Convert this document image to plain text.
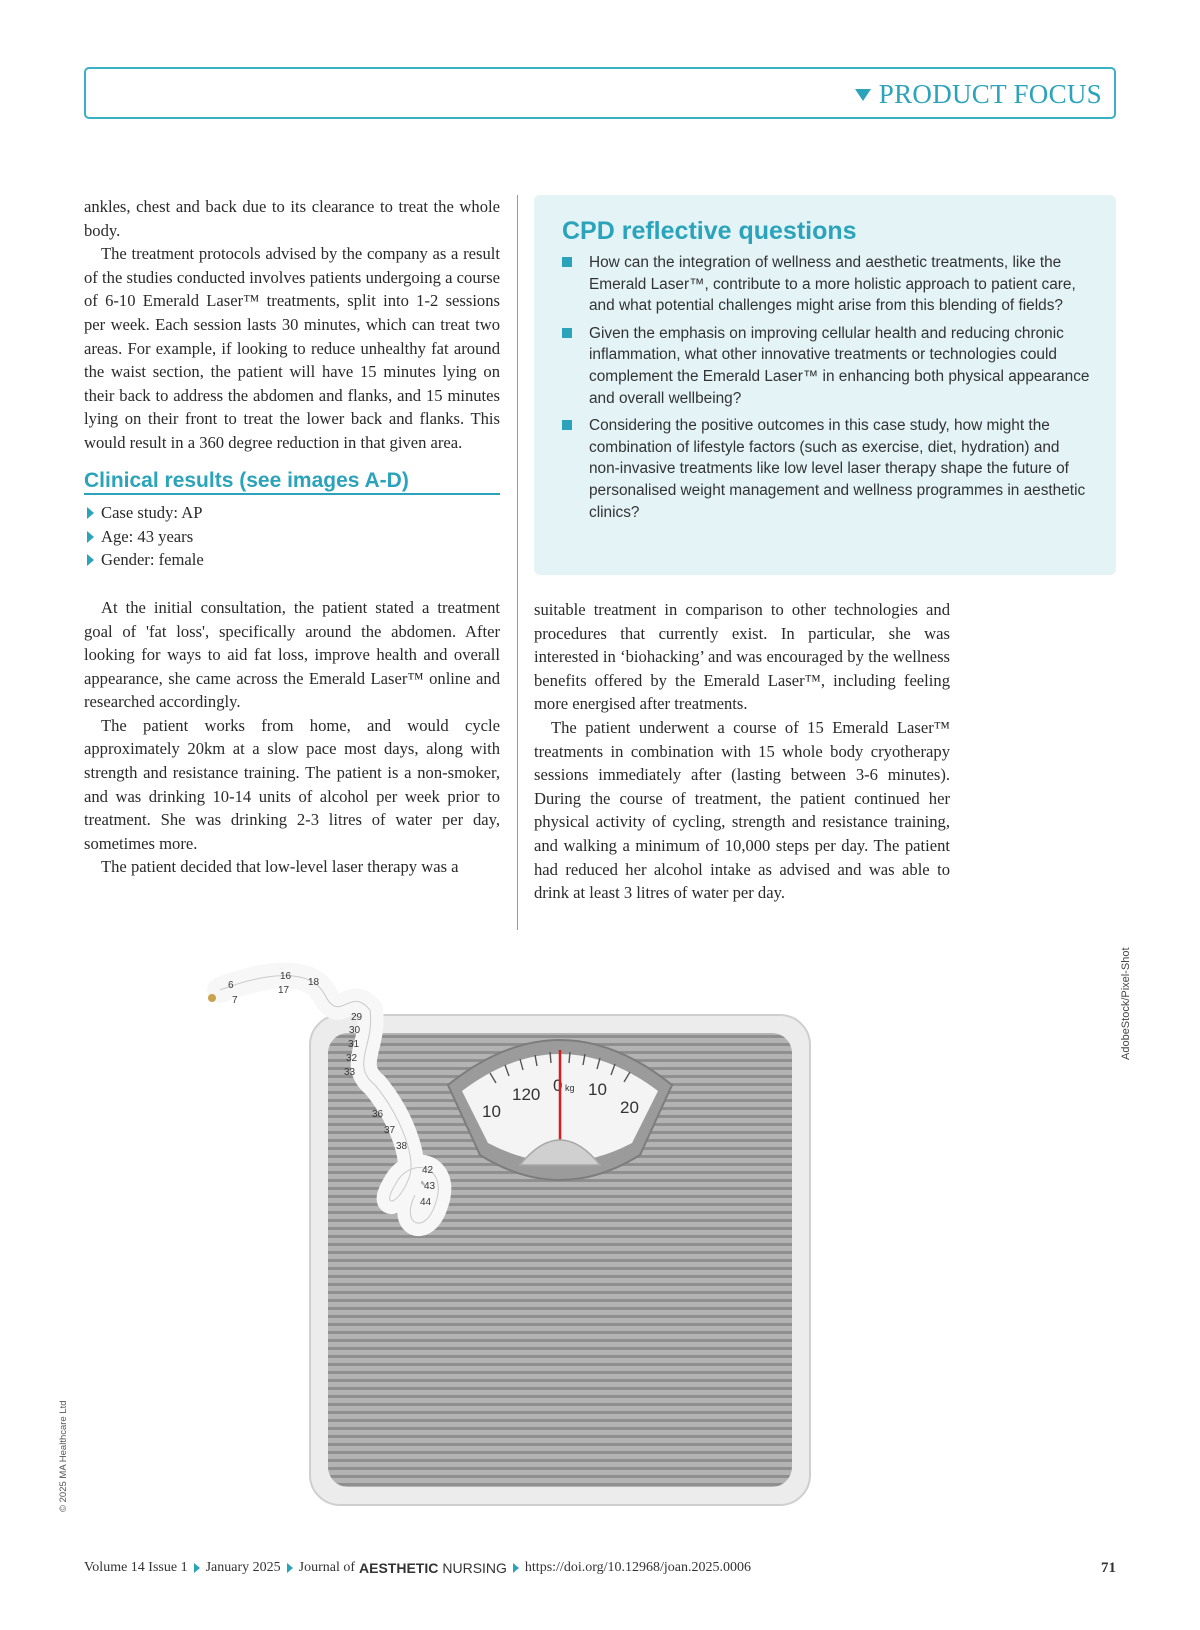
PRODUCT FOCUS

ankles, chest and back due to its clearance to treat the whole body.

The treatment protocols advised by the company as a result of the studies conducted involves patients undergoing a course of 6-10 Emerald Laser™ treatments, split into 1-2 sessions per week. Each session lasts 30 minutes, which can treat two areas. For example, if looking to reduce unhealthy fat around the waist section, the patient will have 15 minutes lying on their back to address the abdomen and flanks, and 15 minutes lying on their front to treat the lower back and flanks. This would result in a 360 degree reduction in that given area.

Clinical results (see images A-D)
Case study: AP
Age: 43 years
Gender: female

At the initial consultation, the patient stated a treatment goal of 'fat loss', specifically around the abdomen. After looking for ways to aid fat loss, improve health and overall appearance, she came across the Emerald Laser™ online and researched accordingly.

The patient works from home, and would cycle approximately 20km at a slow pace most days, along with strength and resistance training. The patient is a non-smoker, and was drinking 10-14 units of alcohol per week prior to treatment. She was drinking 2-3 litres of water per day, sometimes more.

The patient decided that low-level laser therapy was a

CPD reflective questions
How can the integration of wellness and aesthetic treatments, like the Emerald Laser™, contribute to a more holistic approach to patient care, and what potential challenges might arise from this blending of fields?
Given the emphasis on improving cellular health and reducing chronic inflammation, what other innovative treatments or technologies could complement the Emerald Laser™ in enhancing both physical appearance and overall wellbeing?
Considering the positive outcomes in this case study, how might the combination of lifestyle factors (such as exercise, diet, hydration) and non-invasive treatments like low level laser therapy shape the future of personalised weight management and wellness programmes in aesthetic clinics?

suitable treatment in comparison to other technologies and procedures that currently exist. In particular, she was interested in ‘biohacking’ and was encouraged by the wellness benefits offered by the Emerald Laser™, including feeling more energised after treatments.

The patient underwent a course of 15 Emerald Laser™ treatments in combination with 15 whole body cryotherapy sessions immediately after (lasting between 3-6 minutes). During the course of treatment, the patient continued her physical activity of cycling, strength and resistance training, and walking a minimum of 10,000 steps per day. The patient had reduced her alcohol intake as advised and was able to drink at least 3 litres of water per day.

120 0 kg 10
20
10
6
7
16
17
18
29
30
31
32
33
36
37
38
42
43
44
AdobeStock/Pixel-Shot
© 2025 MA Healthcare Ltd
Volume 14 Issue 1 January 2025 Journal of AESTHETIC NURSING https://doi.org/10.12968/joan.2025.0006	71
